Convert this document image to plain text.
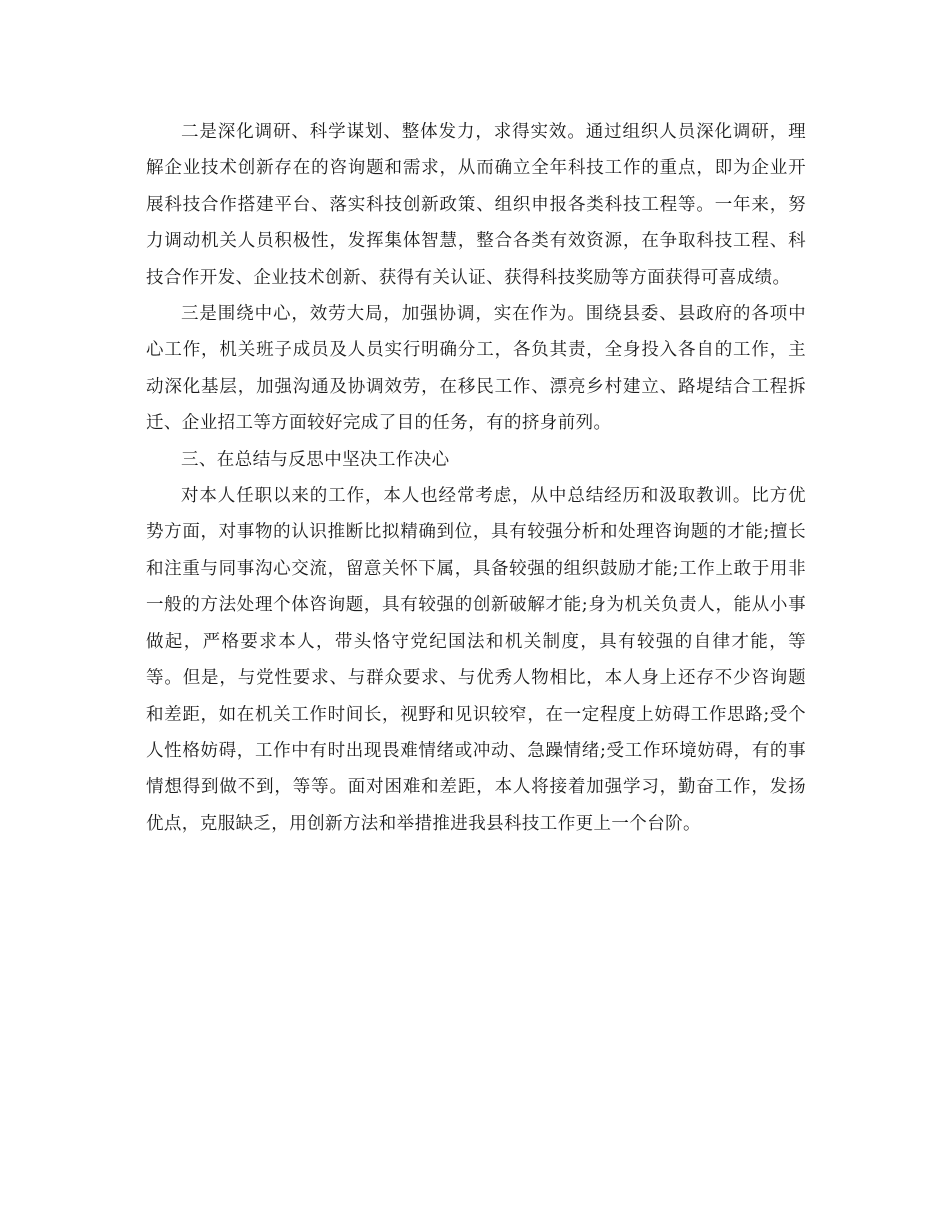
二是深化调研、科学谋划、整体发力，求得实效。通过组织人员深化调研，理解企业技术创新存在的咨询题和需求，从而确立全年科技工作的重点，即为企业开展科技合作搭建平台、落实科技创新政策、组织申报各类科技工程等。一年来，努力调动机关人员积极性，发挥集体智慧，整合各类有效资源，在争取科技工程、科技合作开发、企业技术创新、获得有关认证、获得科技奖励等方面获得可喜成绩。

三是围绕中心，效劳大局，加强协调，实在作为。围绕县委、县政府的各项中心工作，机关班子成员及人员实行明确分工，各负其责，全身投入各自的工作，主动深化基层，加强沟通及协调效劳，在移民工作、漂亮乡村建立、路堤结合工程拆迁、企业招工等方面较好完成了目的任务，有的挤身前列。

三、在总结与反思中坚决工作决心

对本人任职以来的工作，本人也经常考虑，从中总结经历和汲取教训。比方优势方面，对事物的认识推断比拟精确到位，具有较强分析和处理咨询题的才能;擅长和注重与同事沟心交流，留意关怀下属，具备较强的组织鼓励才能;工作上敢于用非一般的方法处理个体咨询题，具有较强的创新破解才能;身为机关负责人，能从小事做起，严格要求本人，带头恪守党纪国法和机关制度，具有较强的自律才能，等等。但是，与党性要求、与群众要求、与优秀人物相比，本人身上还存不少咨询题和差距，如在机关工作时间长，视野和见识较窄，在一定程度上妨碍工作思路;受个人性格妨碍，工作中有时出现畏难情绪或冲动、急躁情绪;受工作环境妨碍，有的事情想得到做不到，等等。面对困难和差距，本人将接着加强学习，勤奋工作，发扬优点，克服缺乏，用创新方法和举措推进我县科技工作更上一个台阶。
